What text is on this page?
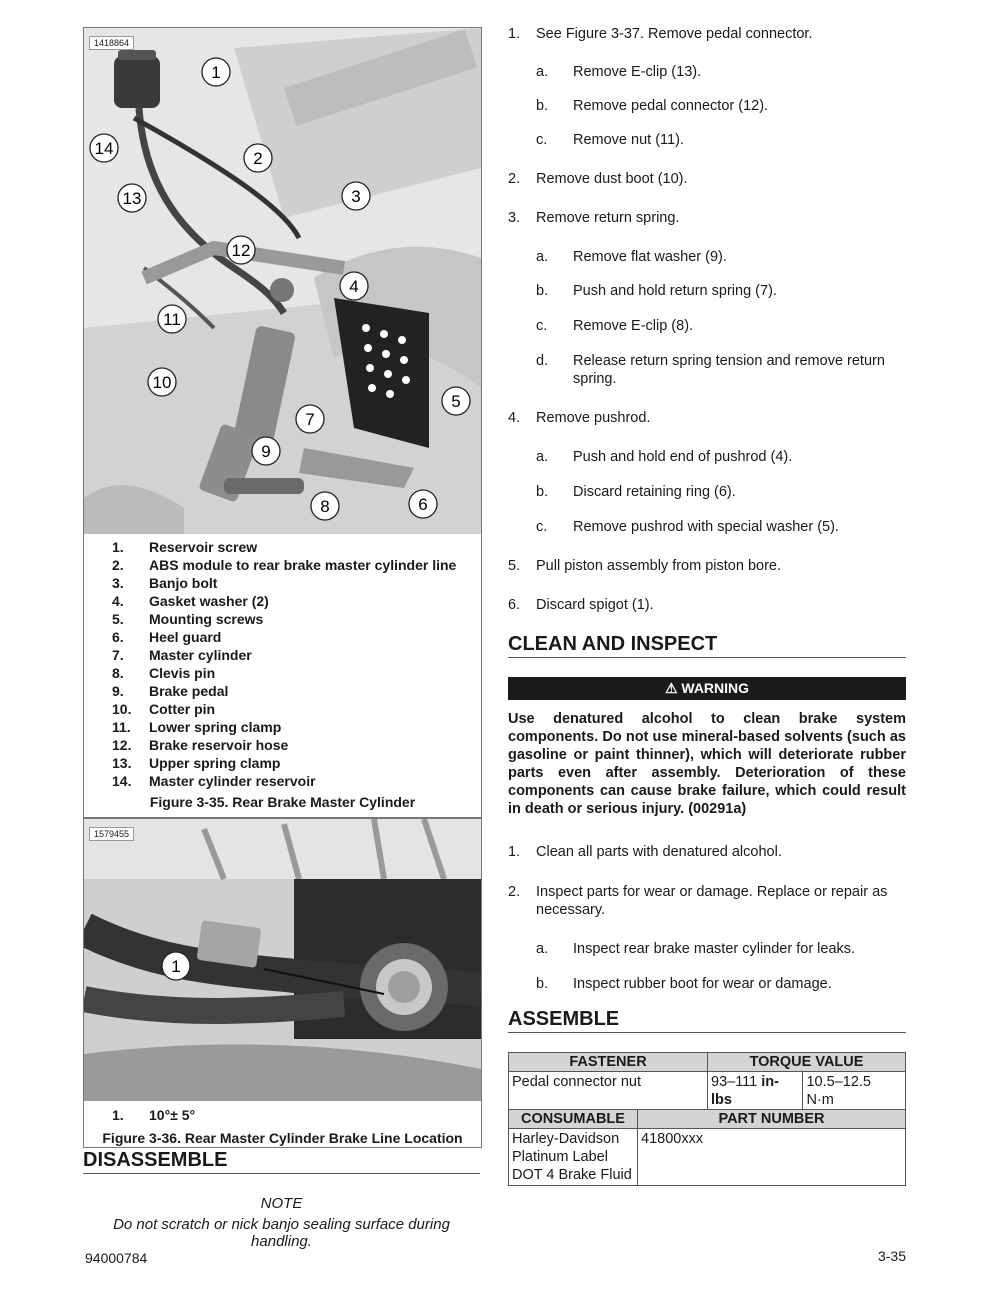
1
2
3
4
5
6
7
8
9
10
11
12
13
14
1418864
1.	Reservoir screw
2.	ABS module to rear brake master cylinder line
3.	Banjo bolt
4.	Gasket washer (2)
5.	Mounting screws
6.	Heel guard
7.	Master cylinder
8.	Clevis pin
9.	Brake pedal
10.	Cotter pin
11.	Lower spring clamp
12.	Brake reservoir hose
13.	Upper spring clamp
14.	Master cylinder reservoir
Figure 3-35. Rear Brake Master Cylinder
1
1579455
1.	10°± 5°
Figure 3-36. Rear Master Cylinder Brake Line Location
DISASSEMBLE
NOTE
Do not scratch or nick banjo sealing surface during handling.
1. See Figure 3-37. Remove pedal connector.
a. Remove E-clip (13).
b. Remove pedal connector (12).
c. Remove nut (11).
2. Remove dust boot (10).
3. Remove return spring.
a. Remove flat washer (9).
b. Push and hold return spring (7).
c. Remove E-clip (8).
d. Release return spring tension and remove return spring.
4. Remove pushrod.
a. Push and hold end of pushrod (4).
b. Discard retaining ring (6).
c. Remove pushrod with special washer (5).
5. Pull piston assembly from piston bore.
6. Discard spigot (1).
CLEAN AND INSPECT
⚠ WARNING
Use denatured alcohol to clean brake system components. Do not use mineral-based solvents (such as gasoline or paint thinner), which will deteriorate rubber parts even after assembly. Deterioration of these components can cause brake failure, which could result in death or serious injury. (00291a)
1. Clean all parts with denatured alcohol.
2. Inspect parts for wear or damage. Replace or repair as necessary.
a. Inspect rear brake master cylinder for leaks.
b. Inspect rubber boot for wear or damage.
ASSEMBLE
FASTENER	TORQUE VALUE	
Pedal connector nut	93–111 in-lbs	10.5–12.5 N·m
CONSUMABLE	PART NUMBER

Harley-Davidson
Platinum Label
DOT 4 Brake Fluid	41800xxx
94000784	3-35
